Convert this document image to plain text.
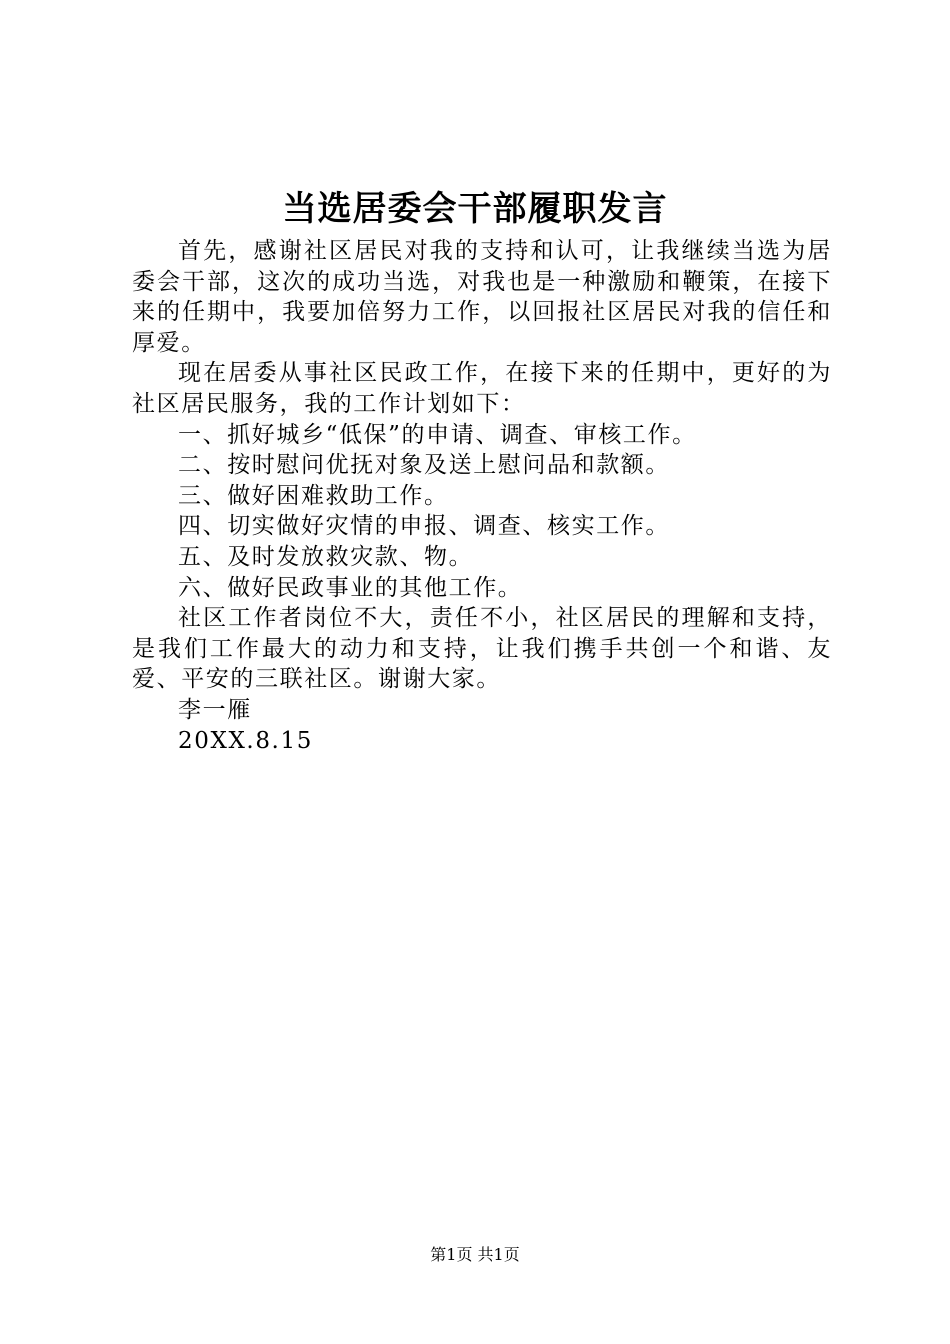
当选居委会干部履职发言

首先，感谢社区居民对我的支持和认可，让我继续当选为居委会干部，这次的成功当选，对我也是一种激励和鞭策，在接下来的任期中，我要加倍努力工作，以回报社区居民对我的信任和厚爱。

现在居委从事社区民政工作，在接下来的任期中，更好的为社区居民服务，我的工作计划如下：

一、抓好城乡“低保”的申请、调查、审核工作。

二、按时慰问优抚对象及送上慰问品和款额。

三、做好困难救助工作。

四、切实做好灾情的申报、调查、核实工作。

五、及时发放救灾款、物。

六、做好民政事业的其他工作。

社区工作者岗位不大，责任不小，社区居民的理解和支持，是我们工作最大的动力和支持，让我们携手共创一个和谐、友爱、平安的三联社区。谢谢大家。

李一雁

20XX.8.15

第1页 共1页
